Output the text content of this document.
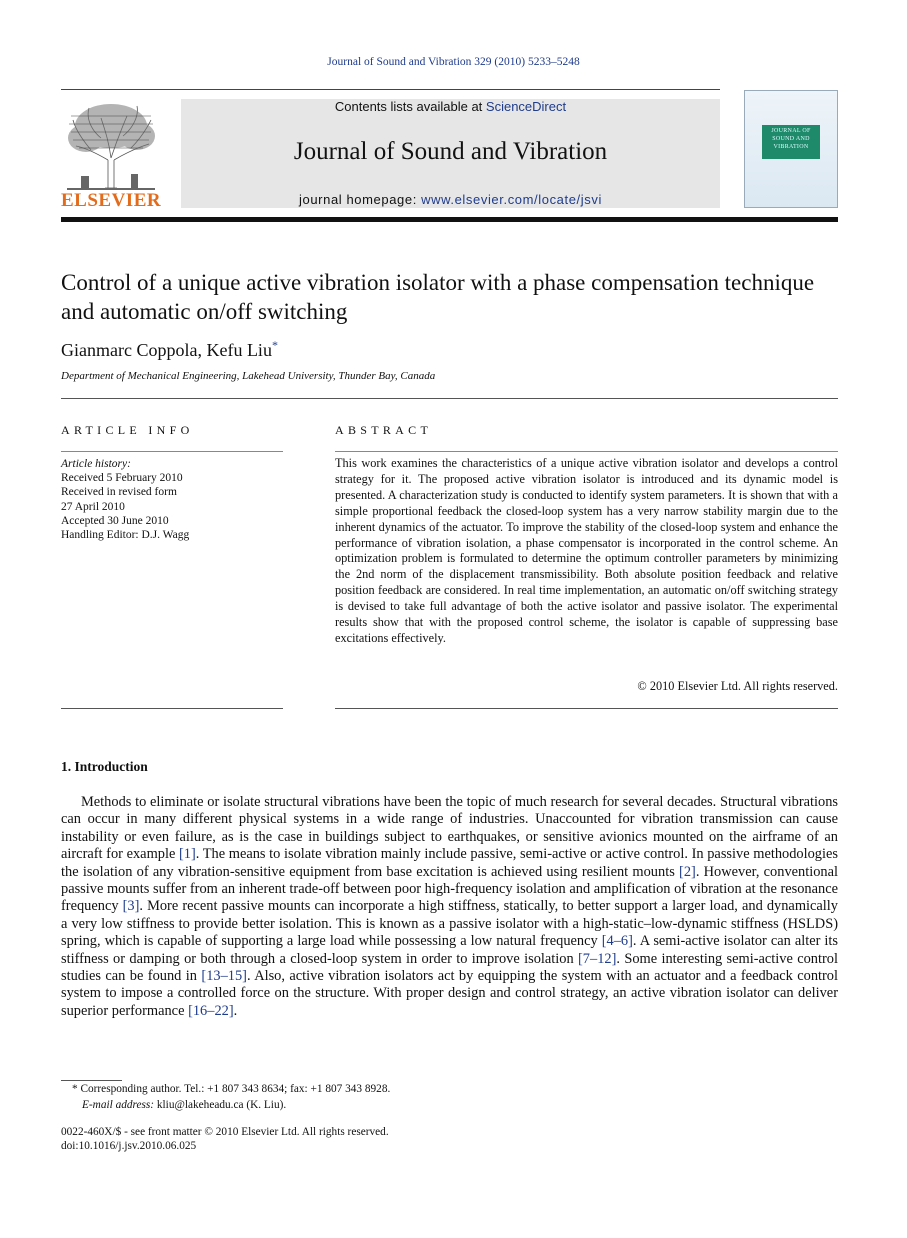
Journal of Sound and Vibration 329 (2010) 5233–5248
ELSEVIER
Contents lists available at ScienceDirect
Journal of Sound and Vibration
journal homepage: www.elsevier.com/locate/jsvi
JOURNAL OF SOUND AND VIBRATION
Control of a unique active vibration isolator with a phase compensation technique and automatic on/off switching
Gianmarc Coppola, Kefu Liu*
Department of Mechanical Engineering, Lakehead University, Thunder Bay, Canada
ARTICLE INFO
Article history:
Received 5 February 2010
Received in revised form
27 April 2010
Accepted 30 June 2010
Handling Editor: D.J. Wagg
ABSTRACT
This work examines the characteristics of a unique active vibration isolator and develops a control strategy for it. The proposed active vibration isolator is introduced and its dynamic model is presented. A characterization study is conducted to identify system parameters. It is shown that with a simple proportional feedback the closed-loop system has a very narrow stability margin due to the inherent dynamics of the actuator. To improve the stability of the closed-loop system and enhance the performance of vibration isolation, a phase compensator is incorporated in the control scheme. An optimization problem is formulated to determine the optimum controller parameters by minimizing the 2nd norm of the displacement transmissibility. Both absolute position feedback and relative position feedback are considered. In real time implementation, an automatic on/off switching strategy is devised to take full advantage of both the active isolator and passive isolator. The experimental results show that with the proposed control scheme, the isolator is capable of suppressing base excitations effectively.
© 2010 Elsevier Ltd. All rights reserved.
1. Introduction
Methods to eliminate or isolate structural vibrations have been the topic of much research for several decades. Structural vibrations can occur in many different physical systems in a wide range of industries. Unaccounted for vibration transmission can cause instability or even failure, as is the case in buildings subject to earthquakes, or sensitive avionics mounted on the airframe of an aircraft for example [1]. The means to isolate vibration mainly include passive, semi-active or active control. In passive methodologies the isolation of any vibration-sensitive equipment from base excitation is achieved using resilient mounts [2]. However, conventional passive mounts suffer from an inherent trade-off between poor high-frequency isolation and amplification of vibration at the resonance frequency [3]. More recent passive mounts can incorporate a high stiffness, statically, to better support a larger load, and dynamically a very low stiffness to provide better isolation. This is known as a passive isolator with a high-static–low-dynamic stiffness (HSLDS) spring, which is capable of supporting a large load while possessing a low natural frequency [4–6]. A semi-active isolator can alter its stiffness or damping or both through a closed-loop system in order to improve isolation [7–12]. Some interesting semi-active control studies can be found in [13–15]. Also, active vibration isolators act by equipping the system with an actuator and a feedback control system to impose a controlled force on the structure. With proper design and control strategy, an active vibration isolator can deliver superior performance [16–22].
* Corresponding author. Tel.: +1 807 343 8634; fax: +1 807 343 8928.
E-mail address: kliu@lakeheadu.ca (K. Liu).
0022-460X/$ - see front matter © 2010 Elsevier Ltd. All rights reserved.
doi:10.1016/j.jsv.2010.06.025
